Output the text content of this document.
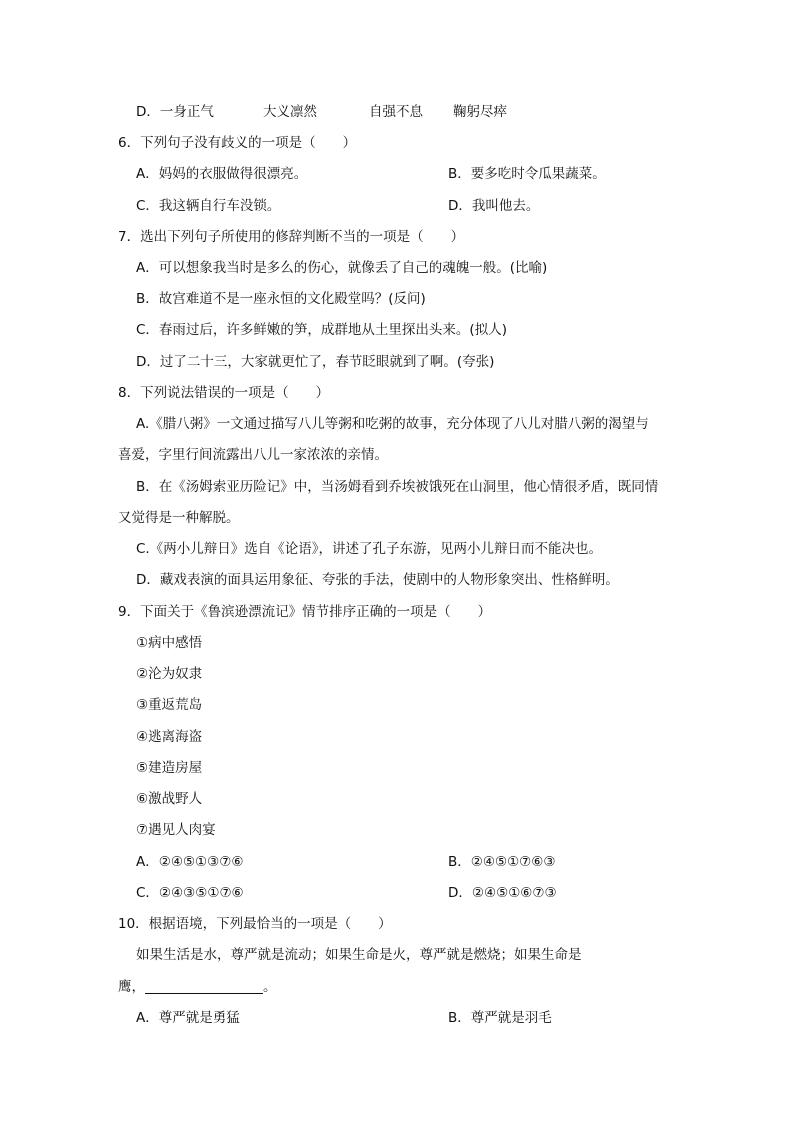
D．一身正气	大义凛然	自强不息 鞠躬尽瘁
6．下列句子没有歧义的一项是（　　）
A．妈妈的衣服做得很漂亮。	B．要多吃时令瓜果蔬菜。
C．我这辆自行车没锁。	D．我叫他去。
7．选出下列句子所使用的修辞判断不当的一项是（　　）
A．可以想象我当时是多么的伤心，就像丢了自己的魂魄一般。(比喻)
B．故宫难道不是一座永恒的文化殿堂吗？(反问)
C．春雨过后，许多鲜嫩的笋，成群地从土里探出头来。(拟人)
D．过了二十三，大家就更忙了，春节眨眼就到了啊。(夸张)
8．下列说法错误的一项是（　　）
A.《腊八粥》一文通过描写八儿等粥和吃粥的故事，充分体现了八儿对腊八粥的渴望与
喜爱，字里行间流露出八儿一家浓浓的亲情。
B．在《汤姆索亚历险记》中，当汤姆看到乔埃被饿死在山洞里，他心情很矛盾，既同情
又觉得是一种解脱。
C.《两小儿辩日》选自《论语》，讲述了孔子东游，见两小儿辩日而不能决也。
D．藏戏表演的面具运用象征、夸张的手法，使剧中的人物形象突出、性格鲜明。
9．下面关于《鲁滨逊漂流记》情节排序正确的一项是（　　）
①病中感悟
②沦为奴隶
③重返荒岛
④逃离海盗
⑤建造房屋
⑥激战野人
⑦遇见人肉宴
A．②④⑤①③⑦⑥	B．②④⑤①⑦⑥③
C．②④③⑤①⑦⑥	D．②④⑤①⑥⑦③
10．根据语境，下列最恰当的一项是（　　）
如果生活是水，尊严就是流动；如果生命是火，尊严就是燃烧；如果生命是
鹰，	。
A．尊严就是勇猛	B．尊严就是羽毛
